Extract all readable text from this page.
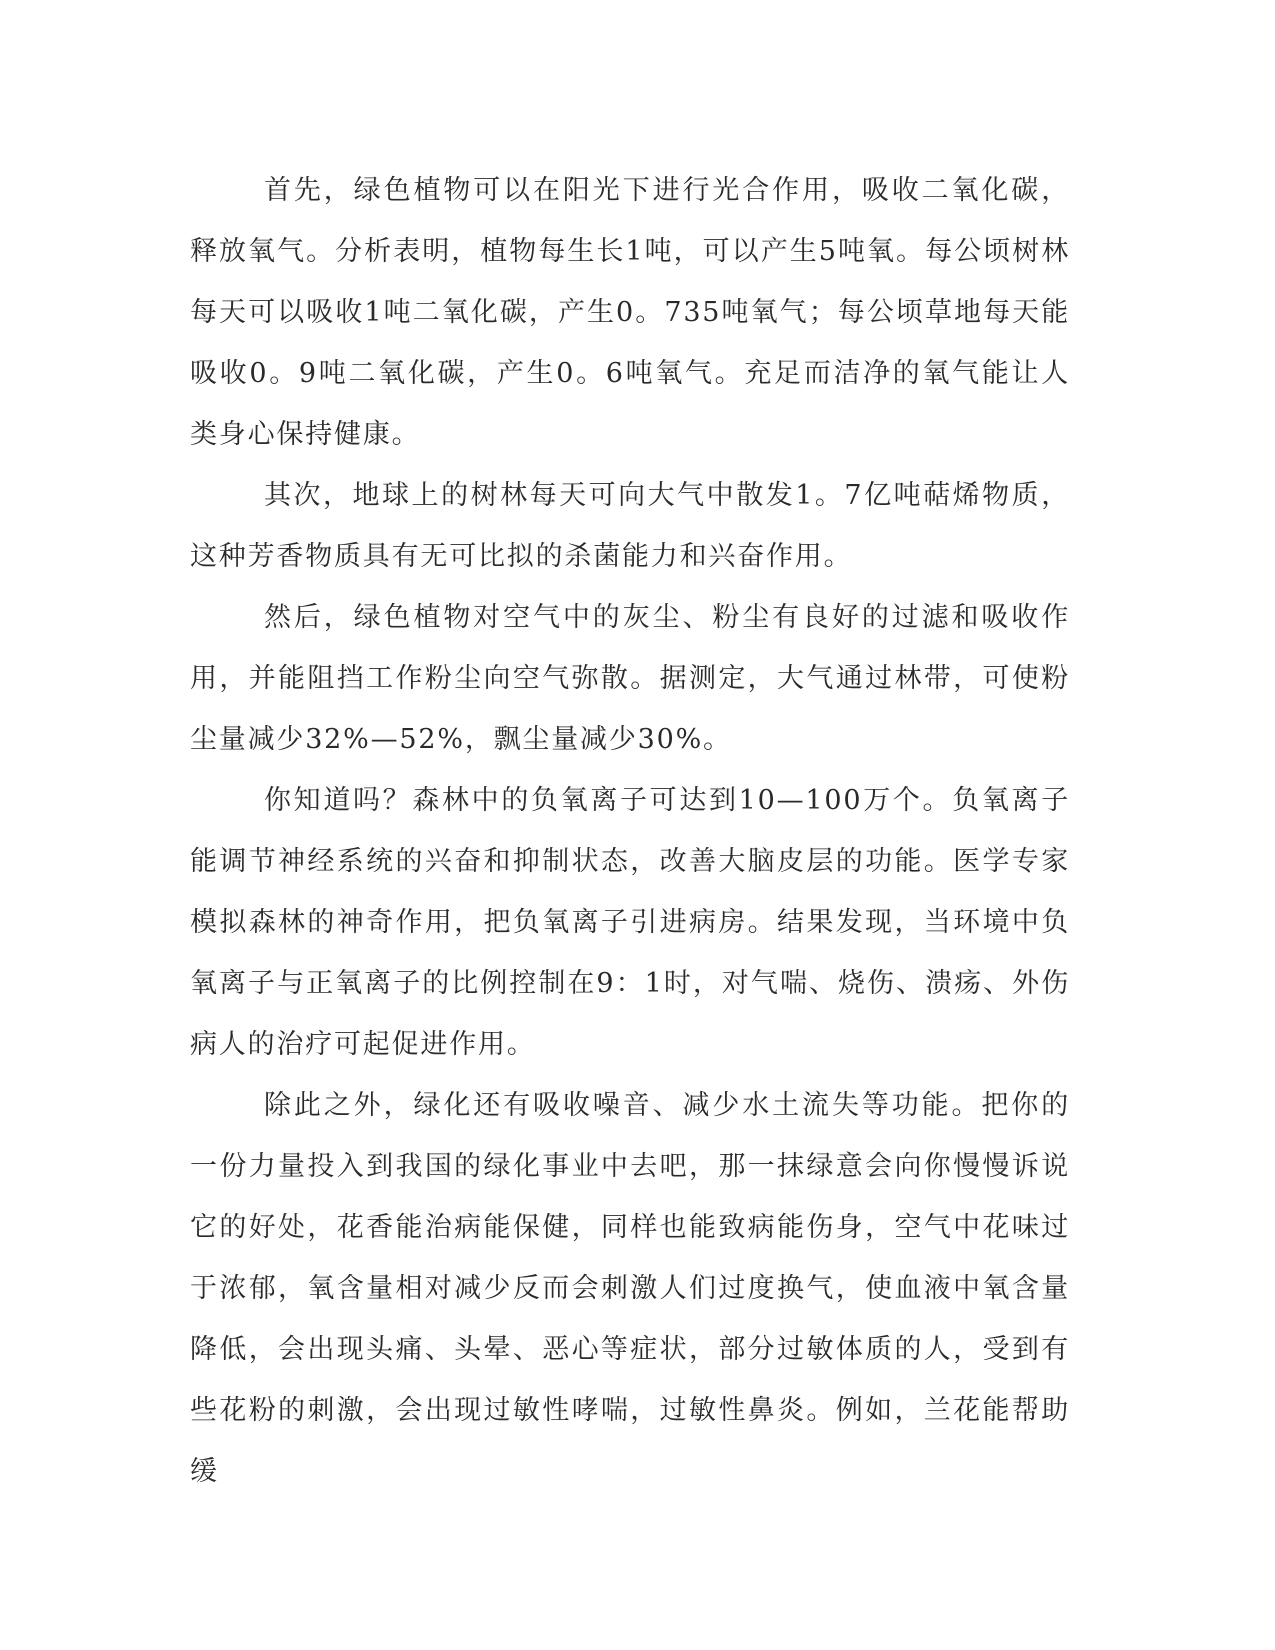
首先，绿色植物可以在阳光下进行光合作用，吸收二氧化碳，释放氧气。分析表明，植物每生长1吨，可以产生5吨氧。每公顷树林每天可以吸收1吨二氧化碳，产生0。735吨氧气；每公顷草地每天能吸收0。9吨二氧化碳，产生0。6吨氧气。充足而洁净的氧气能让人类身心保持健康。

其次，地球上的树林每天可向大气中散发1。7亿吨萜烯物质，这种芳香物质具有无可比拟的杀菌能力和兴奋作用。

然后，绿色植物对空气中的灰尘、粉尘有良好的过滤和吸收作用，并能阻挡工作粉尘向空气弥散。据测定，大气通过林带，可使粉尘量减少32%—52%，飘尘量减少30%。

你知道吗？森林中的负氧离子可达到10—100万个。负氧离子能调节神经系统的兴奋和抑制状态，改善大脑皮层的功能。医学专家模拟森林的神奇作用，把负氧离子引进病房。结果发现，当环境中负氧离子与正氧离子的比例控制在9：1时，对气喘、烧伤、溃疡、外伤病人的治疗可起促进作用。

除此之外，绿化还有吸收噪音、减少水土流失等功能。把你的一份力量投入到我国的绿化事业中去吧，那一抹绿意会向你慢慢诉说它的好处，花香能治病能保健，同样也能致病能伤身，空气中花味过于浓郁，氧含量相对减少反而会刺激人们过度换气，使血液中氧含量降低，会出现头痛、头晕、恶心等症状，部分过敏体质的人，受到有些花粉的刺激，会出现过敏性哮喘，过敏性鼻炎。例如，兰花能帮助缓
